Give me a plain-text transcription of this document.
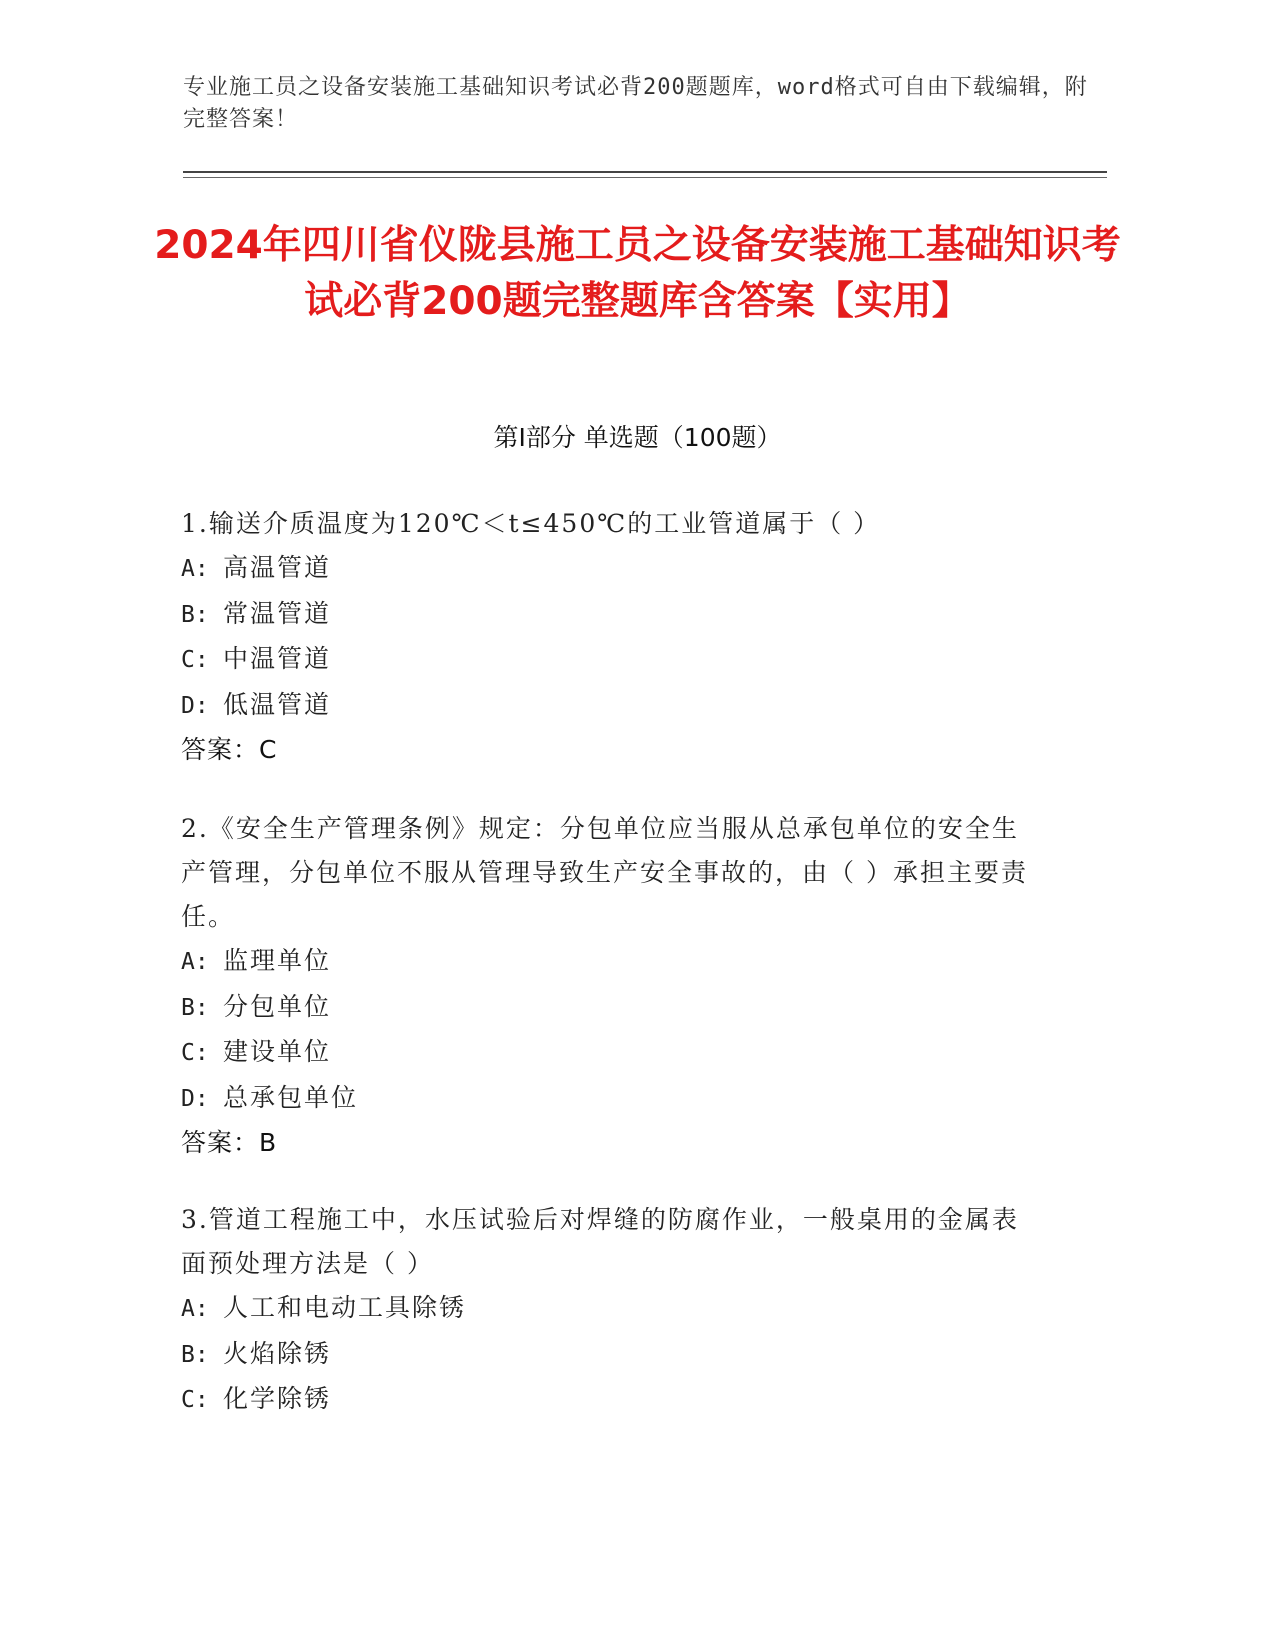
专业施工员之设备安装施工基础知识考试必背200题题库，word格式可自由下载编辑，附完整答案！
2024年四川省仪陇县施工员之设备安装施工基础知识考试必背200题完整题库含答案【实用】
第Ⅰ部分 单选题（100题）
1.输送介质温度为120℃＜t≤450℃的工业管道属于（ ）
A: 高温管道
B: 常温管道
C: 中温管道
D: 低温管道
答案：C
2.《安全生产管理条例》规定：分包单位应当服从总承包单位的安全生产管理，分包单位不服从管理导致生产安全事故的，由（ ）承担主要责任。
A: 监理单位
B: 分包单位
C: 建设单位
D: 总承包单位
答案：B
3.管道工程施工中，水压试验后对焊缝的防腐作业，一般桌用的金属表面预处理方法是（ ）
A: 人工和电动工具除锈
B: 火焰除锈
C: 化学除锈
